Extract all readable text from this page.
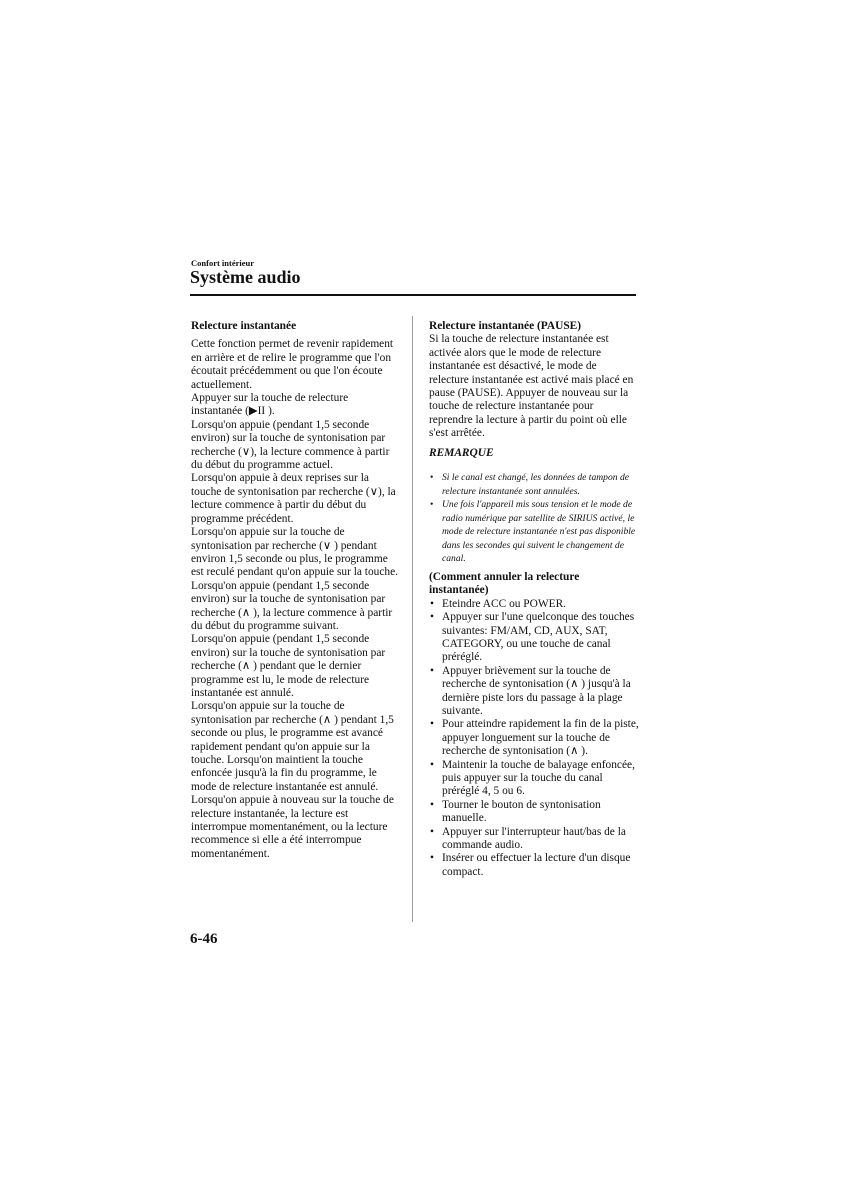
Confort intérieur
Système audio

Relecture instantanée

Cette fonction permet de revenir rapidement en arrière et de relire le programme que l'on écoutait précédemment ou que l'on écoute actuellement.

Appuyer sur la touche de relecture instantanée (▶II ).

Lorsqu'on appuie (pendant 1,5 seconde environ) sur la touche de syntonisation par recherche (∨), la lecture commence à partir du début du programme actuel.

Lorsqu'on appuie à deux reprises sur la touche de syntonisation par recherche (∨), la lecture commence à partir du début du programme précédent.

Lorsqu'on appuie sur la touche de syntonisation par recherche (∨ ) pendant environ 1,5 seconde ou plus, le programme est reculé pendant qu'on appuie sur la touche.

Lorsqu'on appuie (pendant 1,5 seconde environ) sur la touche de syntonisation par recherche (∧ ), la lecture commence à partir du début du programme suivant.

Lorsqu'on appuie (pendant 1,5 seconde environ) sur la touche de syntonisation par recherche (∧ ) pendant que le dernier programme est lu, le mode de relecture instantanée est annulé.

Lorsqu'on appuie sur la touche de syntonisation par recherche (∧ ) pendant 1,5 seconde ou plus, le programme est avancé rapidement pendant qu'on appuie sur la touche. Lorsqu'on maintient la touche enfoncée jusqu'à la fin du programme, le mode de relecture instantanée est annulé.

Lorsqu'on appuie à nouveau sur la touche de relecture instantanée, la lecture est interrompue momentanément, ou la lecture recommence si elle a été interrompue momentanément.

Relecture instantanée (PAUSE)

Si la touche de relecture instantanée est activée alors que le mode de relecture instantanée est désactivé, le mode de relecture instantanée est activé mais placé en pause (PAUSE). Appuyer de nouveau sur la touche de relecture instantanée pour reprendre la lecture à partir du point où elle s'est arrêtée.

REMARQUE

• Si le canal est changé, les données de tampon de relecture instantanée sont annulées.
• Une fois l'appareil mis sous tension et le mode de radio numérique par satellite de SIRIUS activé, le mode de relecture instantanée n'est pas disponible dans les secondes qui suivent le changement de canal.

(Comment annuler la relecture instantanée)

• Eteindre ACC ou POWER.
• Appuyer sur l'une quelconque des touches suivantes: FM/AM, CD, AUX, SAT, CATEGORY, ou une touche de canal préréglé.
• Appuyer brièvement sur la touche de recherche de syntonisation (∧ ) jusqu'à la dernière piste lors du passage à la plage suivante.
• Pour atteindre rapidement la fin de la piste, appuyer longuement sur la touche de recherche de syntonisation (∧ ).
• Maintenir la touche de balayage enfoncée, puis appuyer sur la touche du canal préréglé 4, 5 ou 6.
• Tourner le bouton de syntonisation manuelle.
• Appuyer sur l'interrupteur haut/bas de la commande audio.
• Insérer ou effectuer la lecture d'un disque compact.
6-46
